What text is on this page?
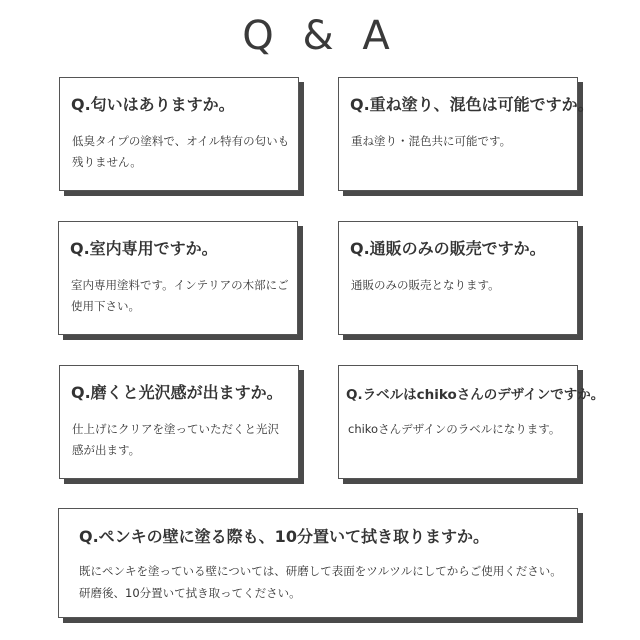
Q & A
Q.匂いはありますか。
低臭タイプの塗料で、オイル特有の匂いも残りません。
Q.重ね塗り、混色は可能ですか。
重ね塗り・混色共に可能です。
Q.室内専用ですか。
室内専用塗料です。インテリアの木部にご使用下さい。
Q.通販のみの販売ですか。
通販のみの販売となります。
Q.磨くと光沢感が出ますか。
仕上げにクリアを塗っていただくと光沢感が出ます。
Q.ラベルはchikoさんのデザインですか。
chikoさんデザインのラベルになります。
Q.ペンキの壁に塗る際も、10分置いて拭き取りますか。
既にペンキを塗っている壁については、研磨して表面をツルツルにしてからご使用ください。研磨後、10分置いて拭き取ってください。
